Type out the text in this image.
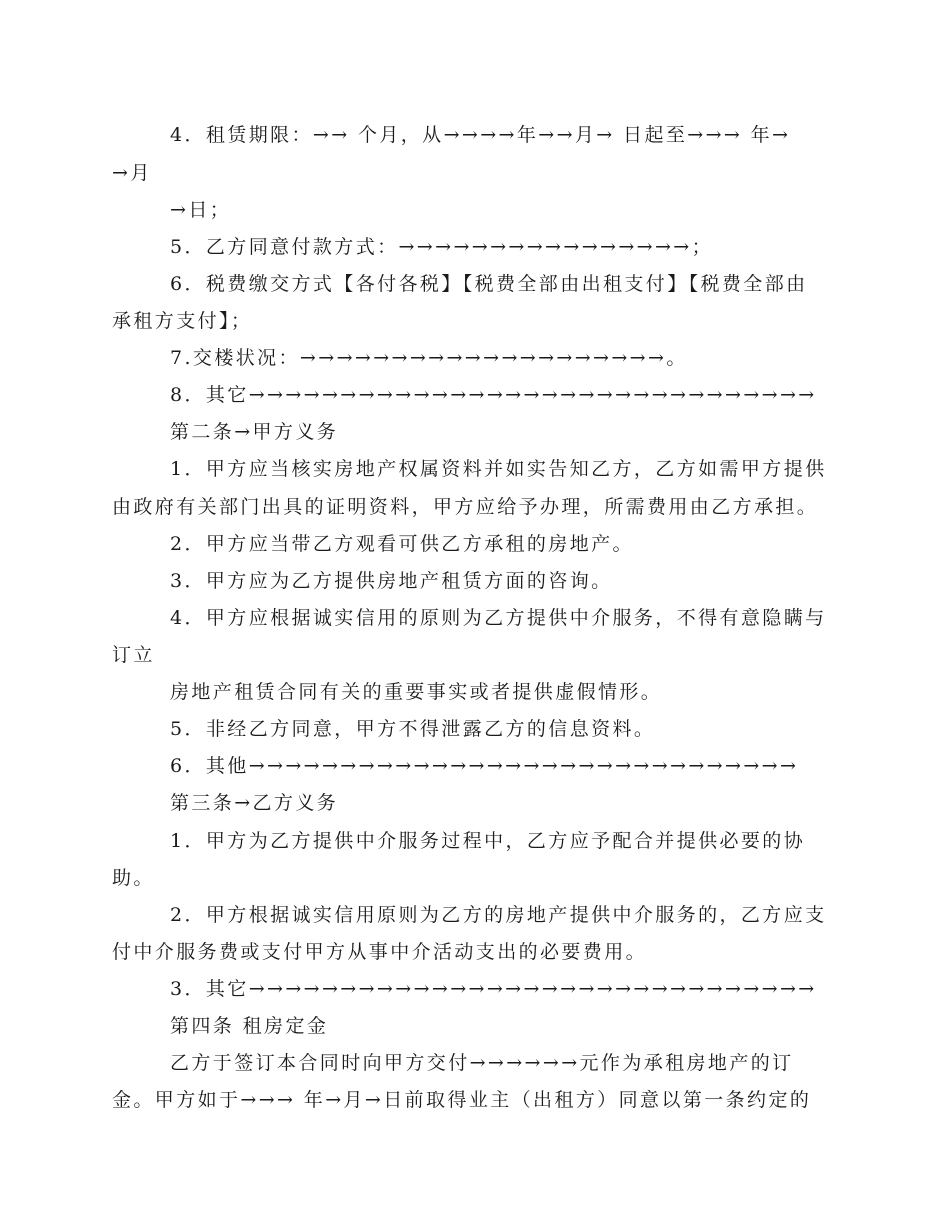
4．租赁期限：→→ 个月，从→→→→年→→月→ 日起至→→→ 年→
→月
→日；
5．乙方同意付款方式：→→→→→→→→→→→→→→→→；
6．税费缴交方式【各付各税】【税费全部由出租支付】【税费全部由
承租方支付】；
7.交楼状况：→→→→→→→→→→→→→→→→→→→→。
8．其它→→→→→→→→→→→→→→→→→→→→→→→→→→→→→→→
第二条→甲方义务
1．甲方应当核实房地产权属资料并如实告知乙方，乙方如需甲方提供
由政府有关部门出具的证明资料，甲方应给予办理，所需费用由乙方承担。
2．甲方应当带乙方观看可供乙方承租的房地产。
3．甲方应为乙方提供房地产租赁方面的咨询。
4．甲方应根据诚实信用的原则为乙方提供中介服务，不得有意隐瞒与
订立
房地产租赁合同有关的重要事实或者提供虚假情形。
5．非经乙方同意，甲方不得泄露乙方的信息资料。
6．其他→→→→→→→→→→→→→→→→→→→→→→→→→→→→→→
第三条→乙方义务
1．甲方为乙方提供中介服务过程中，乙方应予配合并提供必要的协
助。
2．甲方根据诚实信用原则为乙方的房地产提供中介服务的，乙方应支
付中介服务费或支付甲方从事中介活动支出的必要费用。
3．其它→→→→→→→→→→→→→→→→→→→→→→→→→→→→→→→
第四条 租房定金
乙方于签订本合同时向甲方交付→→→→→→元作为承租房地产的订
金。甲方如于→→→ 年→月→日前取得业主（出租方）同意以第一条约定的
